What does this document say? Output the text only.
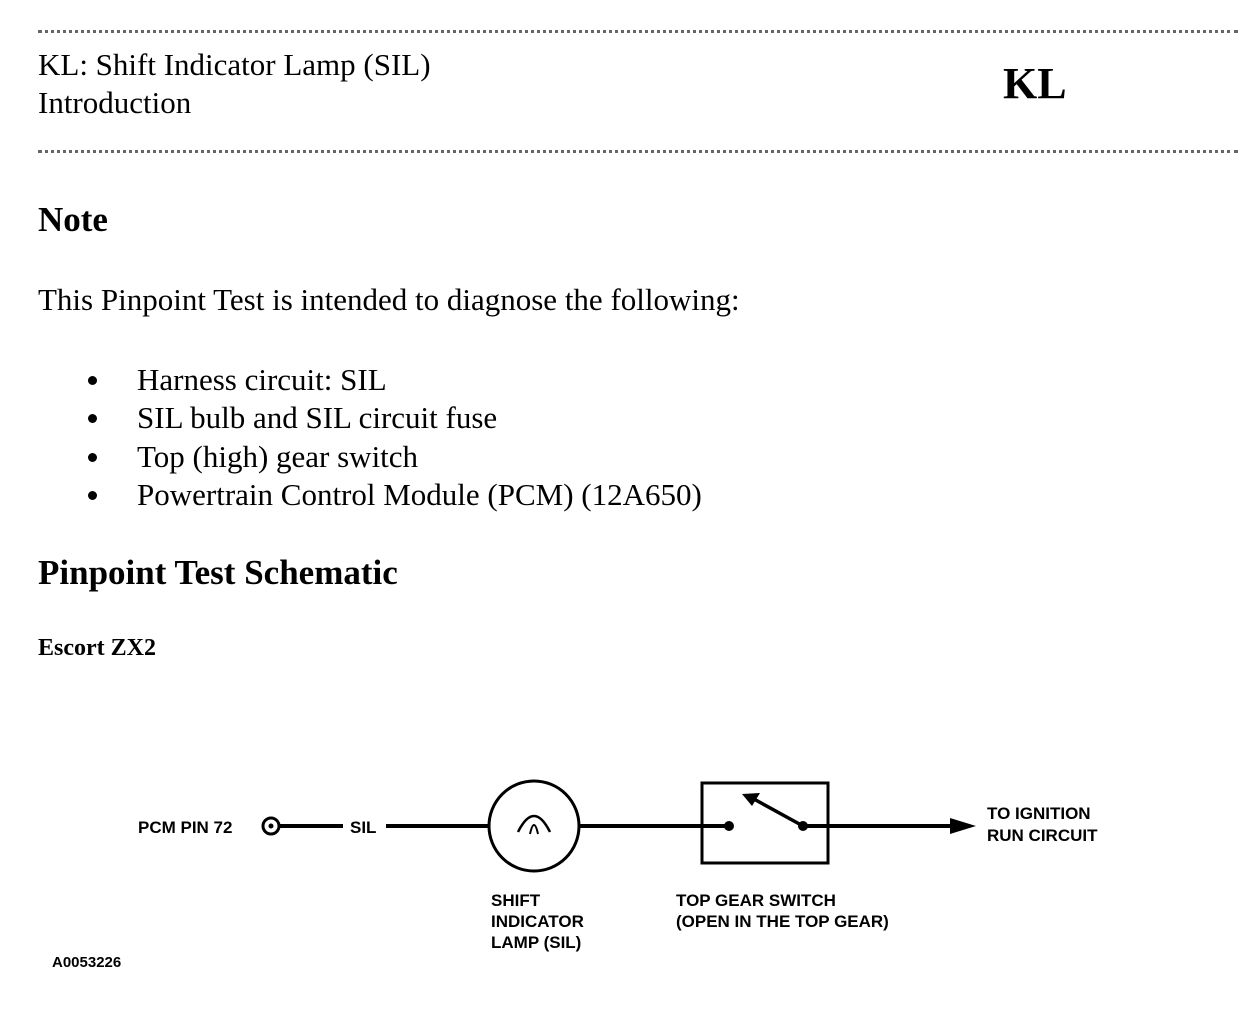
KL: Shift Indicator Lamp (SIL)
Introduction	KL
Note
This Pinpoint Test is intended to diagnose the following:
Harness circuit: SIL
SIL bulb and SIL circuit fuse
Top (high) gear switch
Powertrain Control Module (PCM) (12A650)
Pinpoint Test Schematic
Escort ZX2
PCM PIN 72	SIL
TO IGNITION
RUN CIRCUIT
SHIFT
INDICATOR
LAMP (SIL)
TOP GEAR SWITCH
(OPEN IN THE TOP GEAR)
A0053226
